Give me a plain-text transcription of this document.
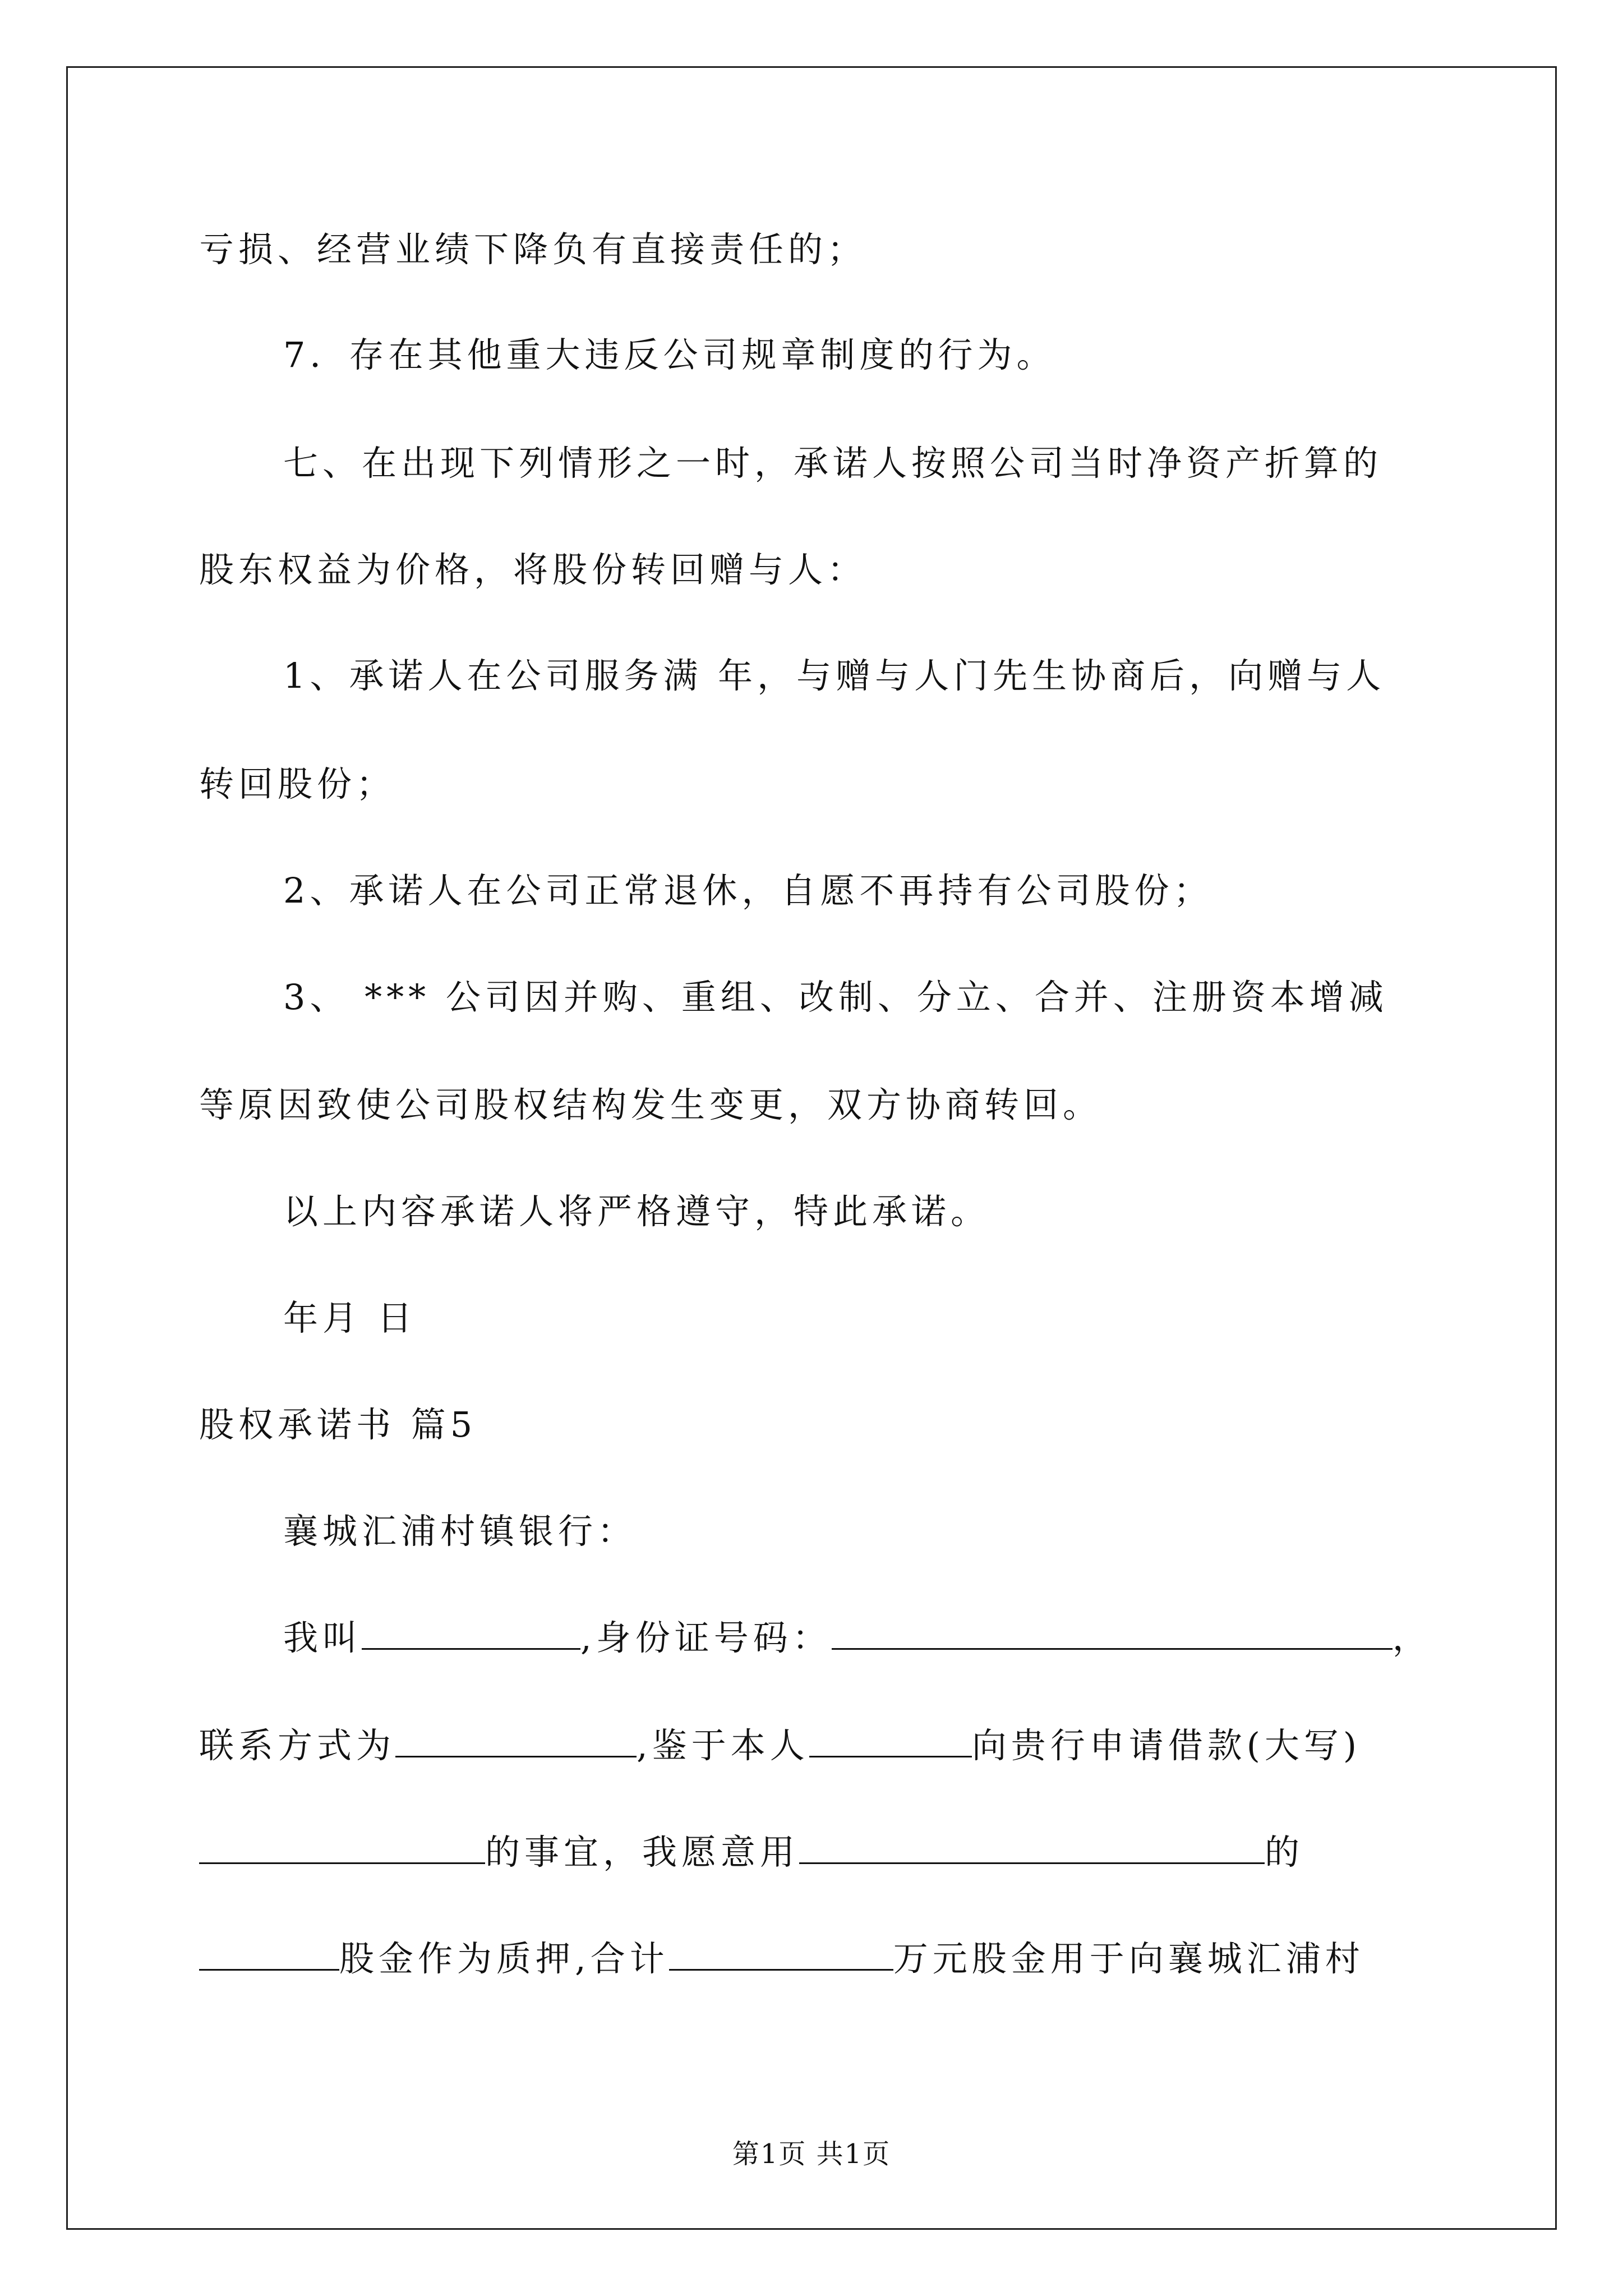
亏损、经营业绩下降负有直接责任的；
7．存在其他重大违反公司规章制度的行为。
七、在出现下列情形之一时，承诺人按照公司当时净资产折算的
股东权益为价格，将股份转回赠与人：
1、承诺人在公司服务满 年，与赠与人门先生协商后，向赠与人
转回股份；
2、承诺人在公司正常退休，自愿不再持有公司股份；
3、 *** 公司因并购、重组、改制、分立、合并、注册资本增减
等原因致使公司股权结构发生变更，双方协商转回。
以上内容承诺人将严格遵守，特此承诺。
年月 日
股权承诺书 篇5
襄城汇浦村镇银行：
我叫	,身份证号码：	，
联系方式为	,鉴于本人	向贵行申请借款(大写)
的事宜，我愿意用	的
股金作为质押,合计	万元股金用于向襄城汇浦村
第1页 共1页
